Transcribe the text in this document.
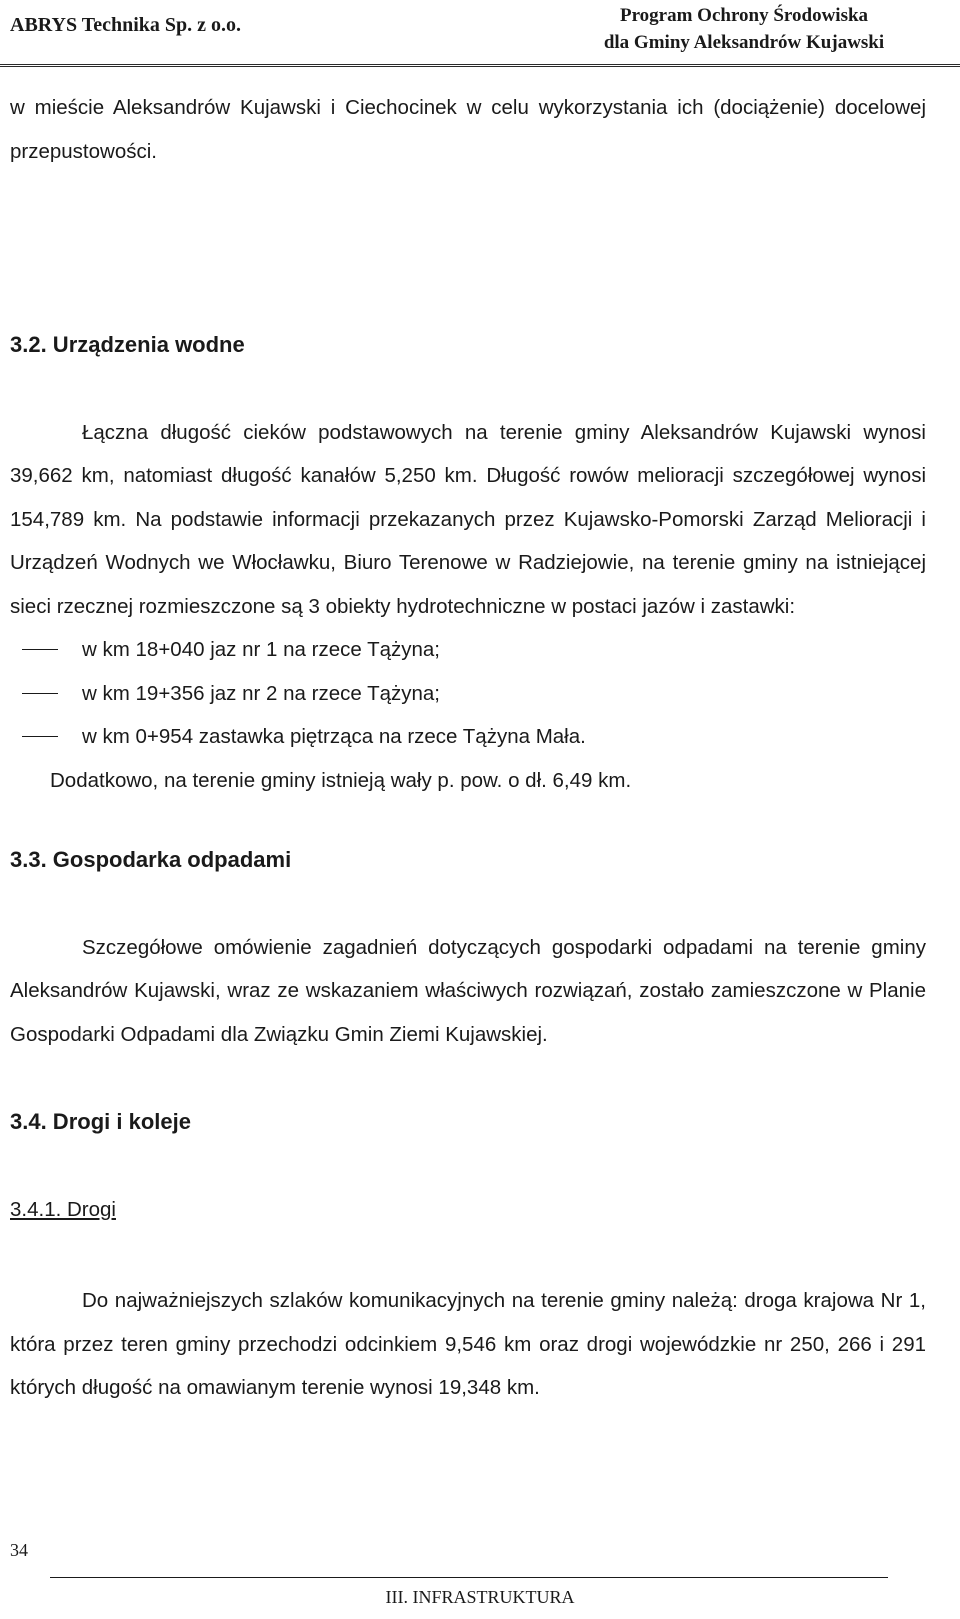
ABRYS Technika Sp. z o.o.	Program Ochrony Środowiska
dla Gminy Aleksandrów Kujawski

w mieście Aleksandrów Kujawski i Ciechocinek w celu wykorzystania ich (dociążenie) docelowej przepustowości.

3.2. Urządzenia wodne

Łączna długość cieków podstawowych na terenie gminy Aleksandrów Kujawski wynosi 39,662 km, natomiast długość kanałów 5,250 km. Długość rowów melioracji szczegółowej wynosi 154,789 km. Na podstawie informacji przekazanych przez Kujawsko-Pomorski Zarząd Melioracji i Urządzeń Wodnych we Włocławku, Biuro Terenowe w Radziejowie, na terenie gminy na istniejącej sieci rzecznej rozmieszczone są 3 obiekty hydrotechniczne w postaci jazów i zastawki:

w km 18+040 jaz nr 1 na rzece Tążyna;
w km 19+356 jaz nr 2 na rzece Tążyna;
w km 0+954 zastawka piętrząca na rzece Tążyna Mała.

Dodatkowo, na terenie gminy istnieją wały p. pow. o dł. 6,49 km.

3.3. Gospodarka odpadami

Szczegółowe omówienie zagadnień dotyczących gospodarki odpadami na terenie gminy Aleksandrów Kujawski, wraz ze wskazaniem właściwych rozwiązań, zostało zamieszczone w Planie Gospodarki Odpadami dla Związku Gmin Ziemi Kujawskiej.

3.4. Drogi i koleje
3.4.1. Drogi

Do najważniejszych szlaków komunikacyjnych na terenie gminy należą: droga krajowa Nr 1, która przez teren gminy przechodzi odcinkiem 9,546 km oraz drogi wojewódzkie nr 250, 266 i 291 których długość na omawianym terenie wynosi 19,348 km.

34
III. INFRASTRUKTURA
